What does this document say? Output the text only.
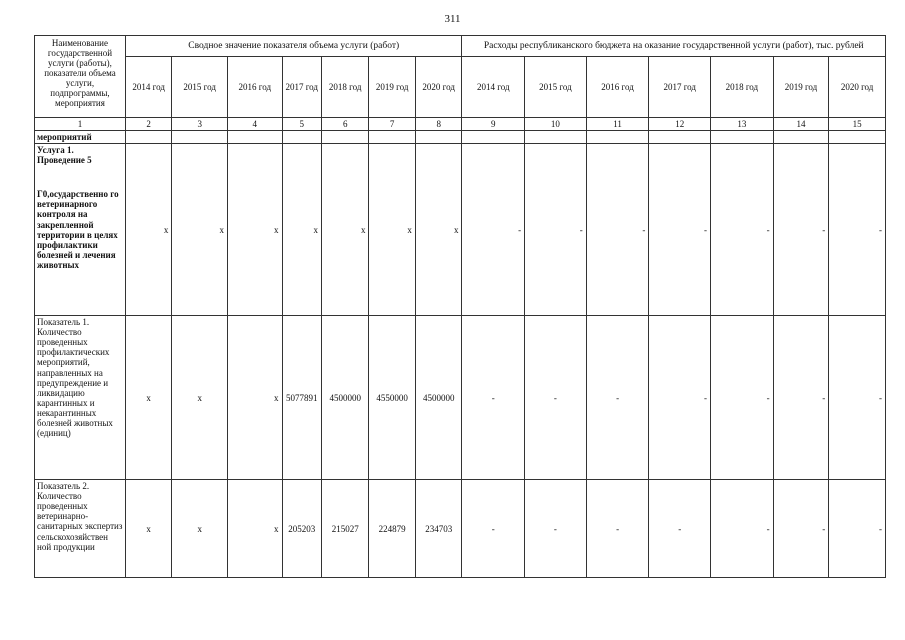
311
Наименование государственной услуги (работы), показатели объема услуги, подпрограммы, мероприятия	Сводное значение показателя объема услуги (работ)							Расходы республиканского бюджета на оказание государственной услуги (работ), тыс. рублей						
	2014 год	2015 год	2016 год	2017 год	2018 год	2019 год	2020 год	2014 год	2015 год	2016 год	2017 год	2018 год	2019 год	2020 год
1	2	3	4	5	6	7	8	9	10	11	12	13	14	15
мероприятий														

Услуга 1. Проведение 5
Г0,осударственно го ветеринарного контроля на закрепленной территории в целях профилактики болезней и лечения животных	x	x	x	x	x	x	x	-	-	-	-	-	-	-
Показатель 1. Количество проведенных профилактических мероприятий, направленных на предупреждение и ликвидацию карантинных и некарантинных болезней животных (единиц)	x	x	x	5077891	4500000	4550000	4500000	-	-	-	-	-	-	-
Показатель 2. Количество проведенных ветеринарно-санитарных экспертиз сельскохозяйствен ной продукции	x	x	x	205203	215027	224879	234703	-	-	-	-	-	-	-
